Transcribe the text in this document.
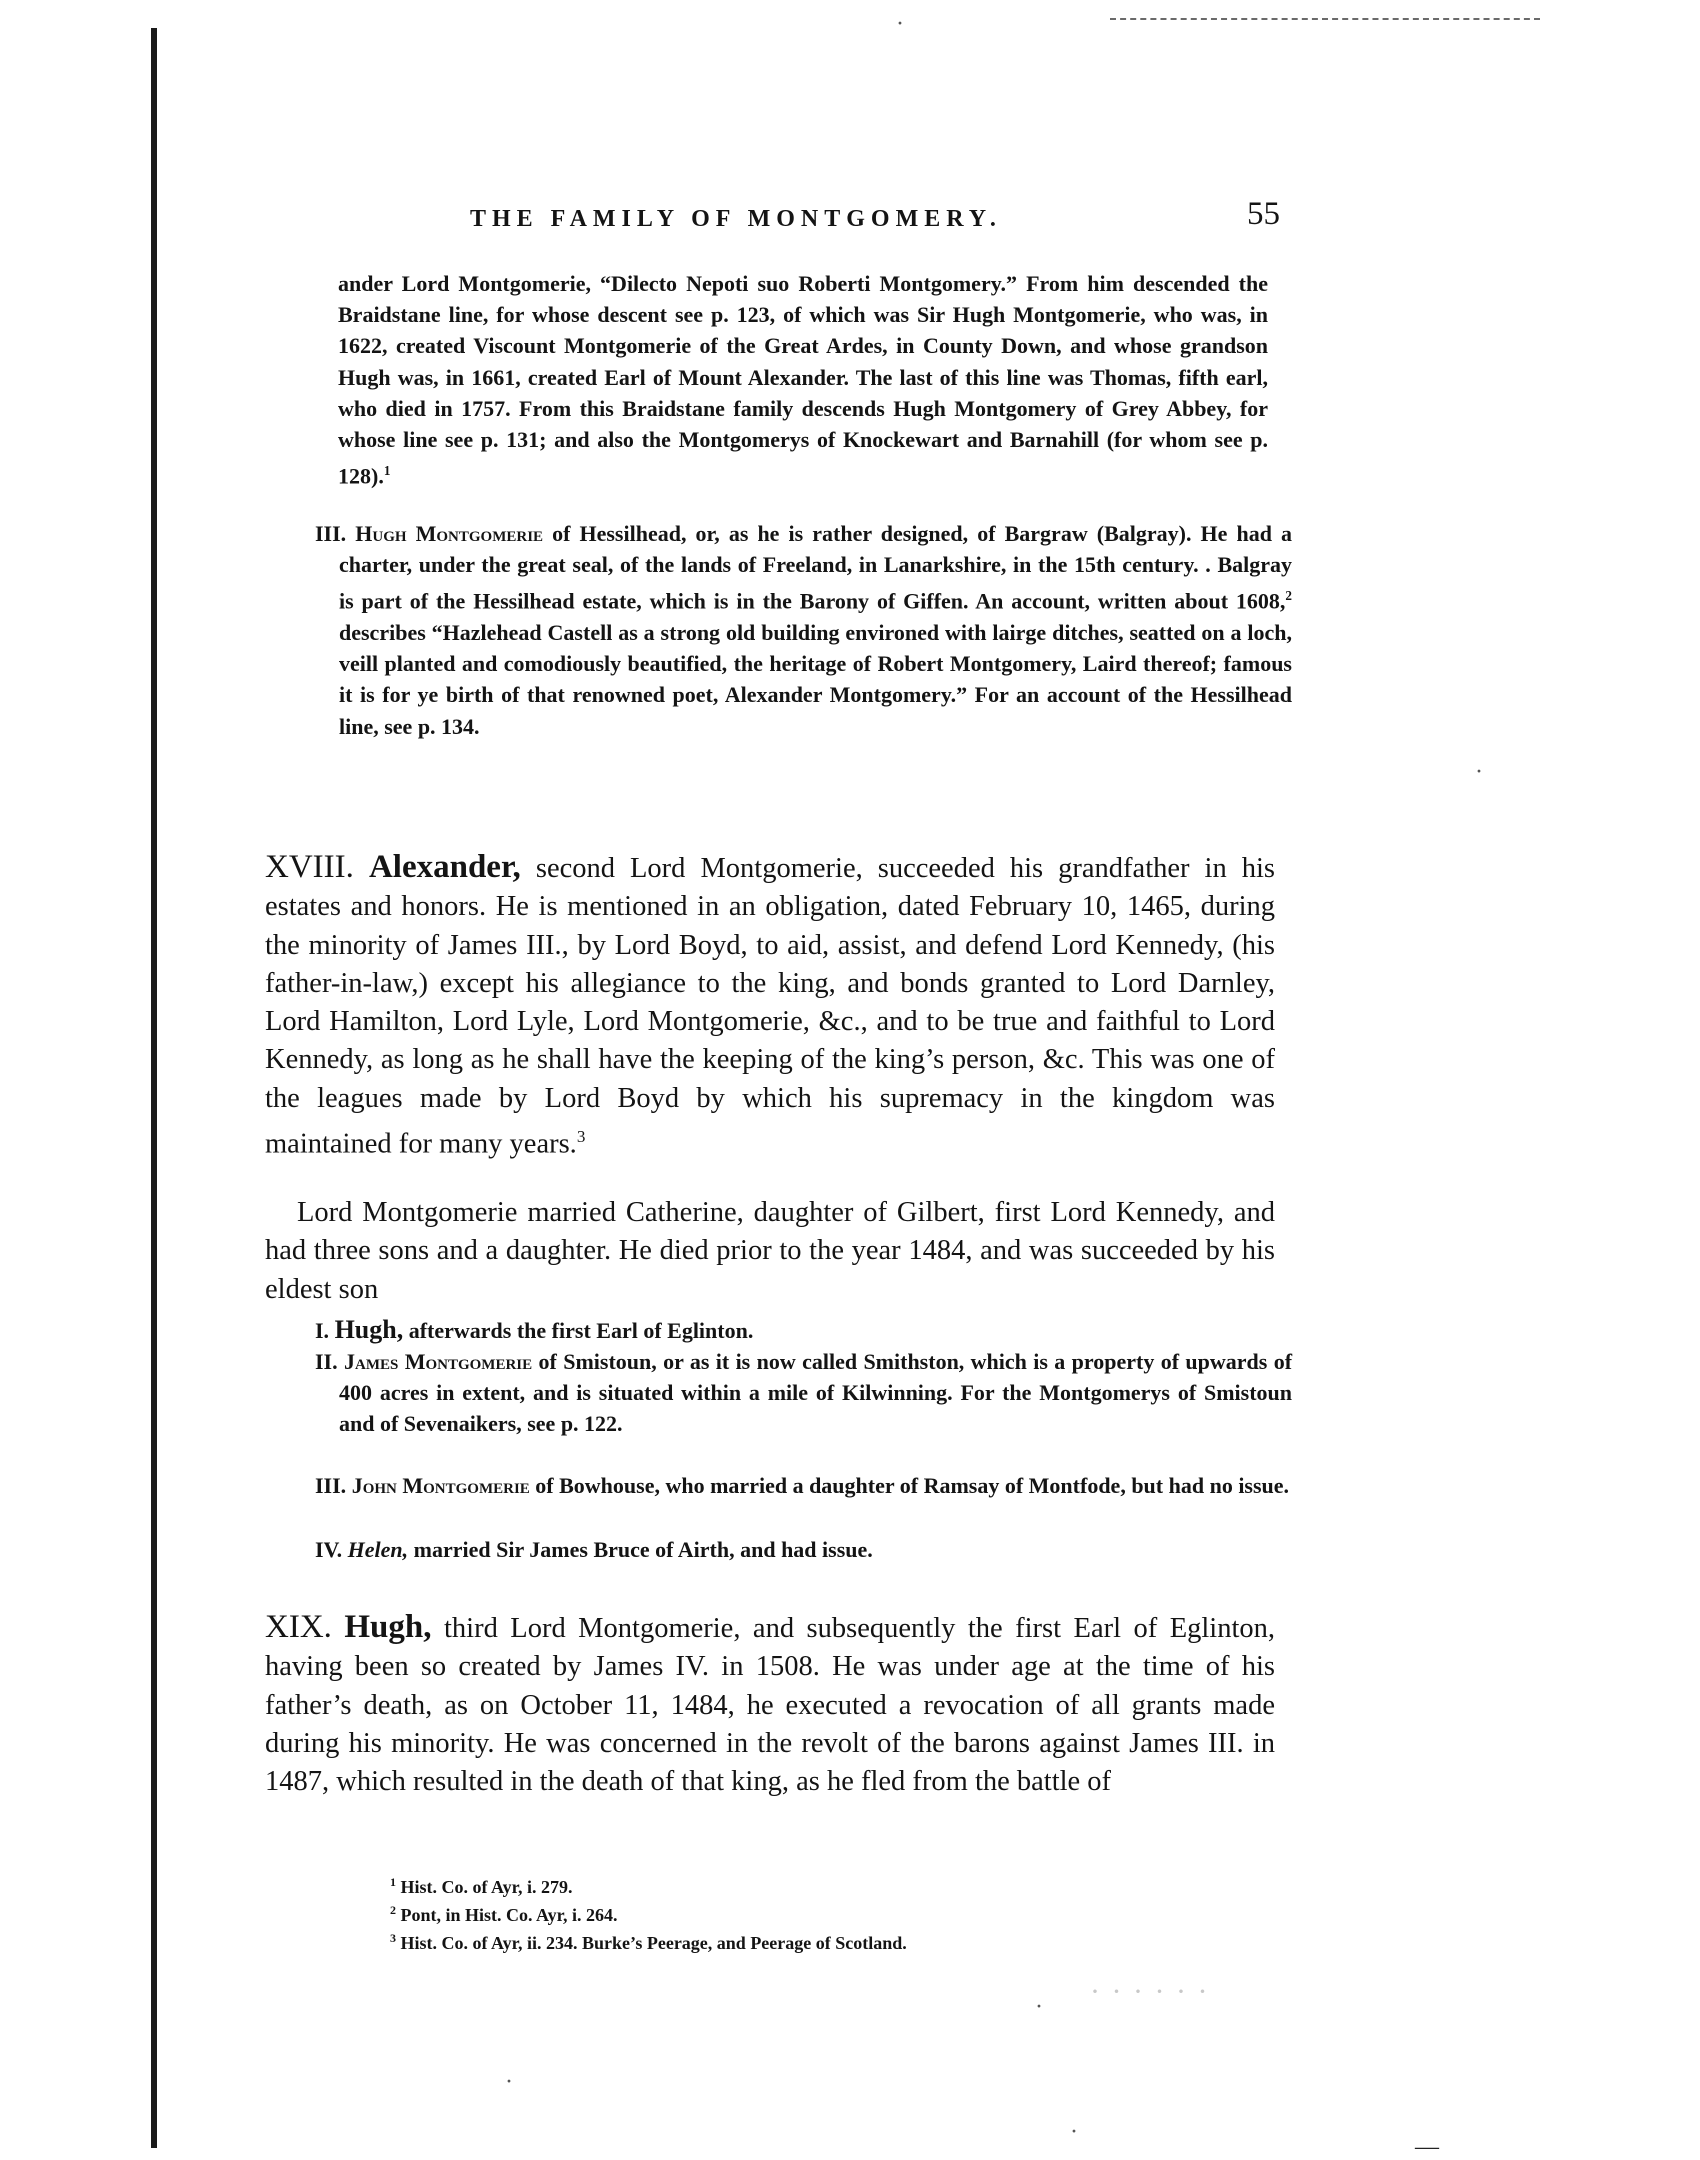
·
·
·
·
·
—
THE FAMILY OF MONTGOMERY.	55
ander Lord Montgomerie, “Dilecto Nepoti suo Roberti Montgomery.” From him descended the Braidstane line, for whose descent see p. 123, of which was Sir Hugh Montgomerie, who was, in 1622, created Viscount Montgomerie of the Great Ardes, in County Down, and whose grandson Hugh was, in 1661, created Earl of Mount Alexander. The last of this line was Thomas, fifth earl, who died in 1757. From this Braidstane family descends Hugh Montgomery of Grey Abbey, for whose line see p. 131; and also the Montgomerys of Knockewart and Barnahill (for whom see p. 128).$^1$
III. Hugh Montgomerie of Hessilhead, or, as he is rather designed, of Bargraw (Balgray). He had a charter, under the great seal, of the lands of Freeland, in Lanarkshire, in the 15th century. . Balgray is part of the Hessilhead estate, which is in the Barony of Giffen. An account, written about 1608,$^2$ describes “Hazlehead Castell as a strong old building environed with lairge ditches, seatted on a loch, veill planted and comodiously beautified, the heritage of Robert Montgomery, Laird thereof; famous it is for ye birth of that renowned poet, Alexander Montgomery.” For an account of the Hessilhead line, see p. 134.
XVIII. Alexander, second Lord Montgomerie, succeeded his grandfather in his estates and honors. He is mentioned in an obligation, dated February 10, 1465, during the minority of James III., by Lord Boyd, to aid, assist, and defend Lord Kennedy, (his father-in-law,) except his allegiance to the king, and bonds granted to Lord Darnley, Lord Hamilton, Lord Lyle, Lord Montgomerie, &c., and to be true and faithful to Lord Kennedy, as long as he shall have the keeping of the king’s person, &c. This was one of the leagues made by Lord Boyd by which his supremacy in the kingdom was maintained for many years.$^3$
Lord Montgomerie married Catherine, daughter of Gilbert, first Lord Kennedy, and had three sons and a daughter. He died prior to the year 1484, and was succeeded by his eldest son
I. Hugh, afterwards the first Earl of Eglinton.
II. James Montgomerie of Smistoun, or as it is now called Smithston, which is a property of upwards of 400 acres in extent, and is situated within a mile of Kilwinning. For the Montgomerys of Smistoun and of Sevenaikers, see p. 122.
III. John Montgomerie of Bowhouse, who married a daughter of Ramsay of Montfode, but had no issue.
IV. Helen, married Sir James Bruce of Airth, and had issue.
XIX. Hugh, third Lord Montgomerie, and subsequently the first Earl of Eglinton, having been so created by James IV. in 1508. He was under age at the time of his father’s death, as on October 11, 1484, he executed a revocation of all grants made during his minority. He was concerned in the revolt of the barons against James III. in 1487, which resulted in the death of that king, as he fled from the battle of
$^1$ Hist. Co. of Ayr, i. 279.
$^2$ Pont, in Hist. Co. Ayr, i. 264.
$^3$ Hist. Co. of Ayr, ii. 234. Burke’s Peerage, and Peerage of Scotland.
· · · · · ·
